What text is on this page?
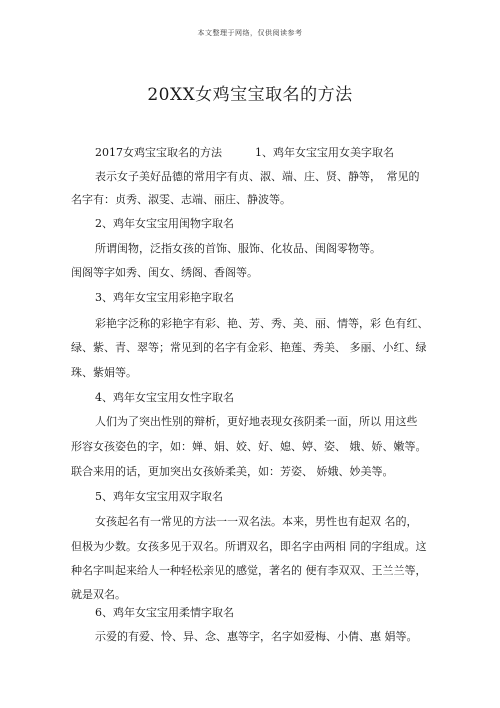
本文整理于网络，仅供阅读参考
20XX女鸡宝宝取名的方法
2017女鸡宝宝取名的方法　　　1、鸡年女宝宝用女美字取名
表示女子美好品德的常用字有贞、淑、端、庄、贤、静等，　常见的
名字有：贞秀、淑雯、志端、丽庄、静波等。
2、鸡年女宝宝用闺物字取名
所谓闺物，泛指女孩的首饰、服饰、化妆品、闺阁零物等。
闺阁等字如秀、闺女、绣阁、香阁等。
3、鸡年女宝宝用彩艳字取名
彩艳字泛称的彩艳字有彩、艳、芳、秀、美、丽、情等，彩 色有红、
绿、紫、青、翠等；常见到的名字有金彩、艳莲、秀美、 多丽、小红、绿
珠、紫娟等。
4、鸡年女宝宝用女性字取名
人们为了突出性别的辩析，更好地表现女孩阴柔一面，所以 用这些
形容女孩姿色的字，如：婵、娟、姣、好、媳、婷、姿、 娥、娇、嫩等。
联合来用的话，更加突出女孩娇柔美，如：芳姿、 娇娥、妙美等。
5、鸡年女宝宝用双字取名
女孩起名有一常见的方法一一双名法。本来，男性也有起双 名的，
但极为少数。女孩多见于双名。所谓双名，即名字由两相 同的字组成。这
种名字叫起来给人一种轻松亲见的感觉，著名的 便有李双双、王兰兰等，
就是双名。
6、鸡年女宝宝用柔情字取名
示爱的有爱、怜、异、念、惠等字，名字如爱梅、小倩、惠 娟等。
